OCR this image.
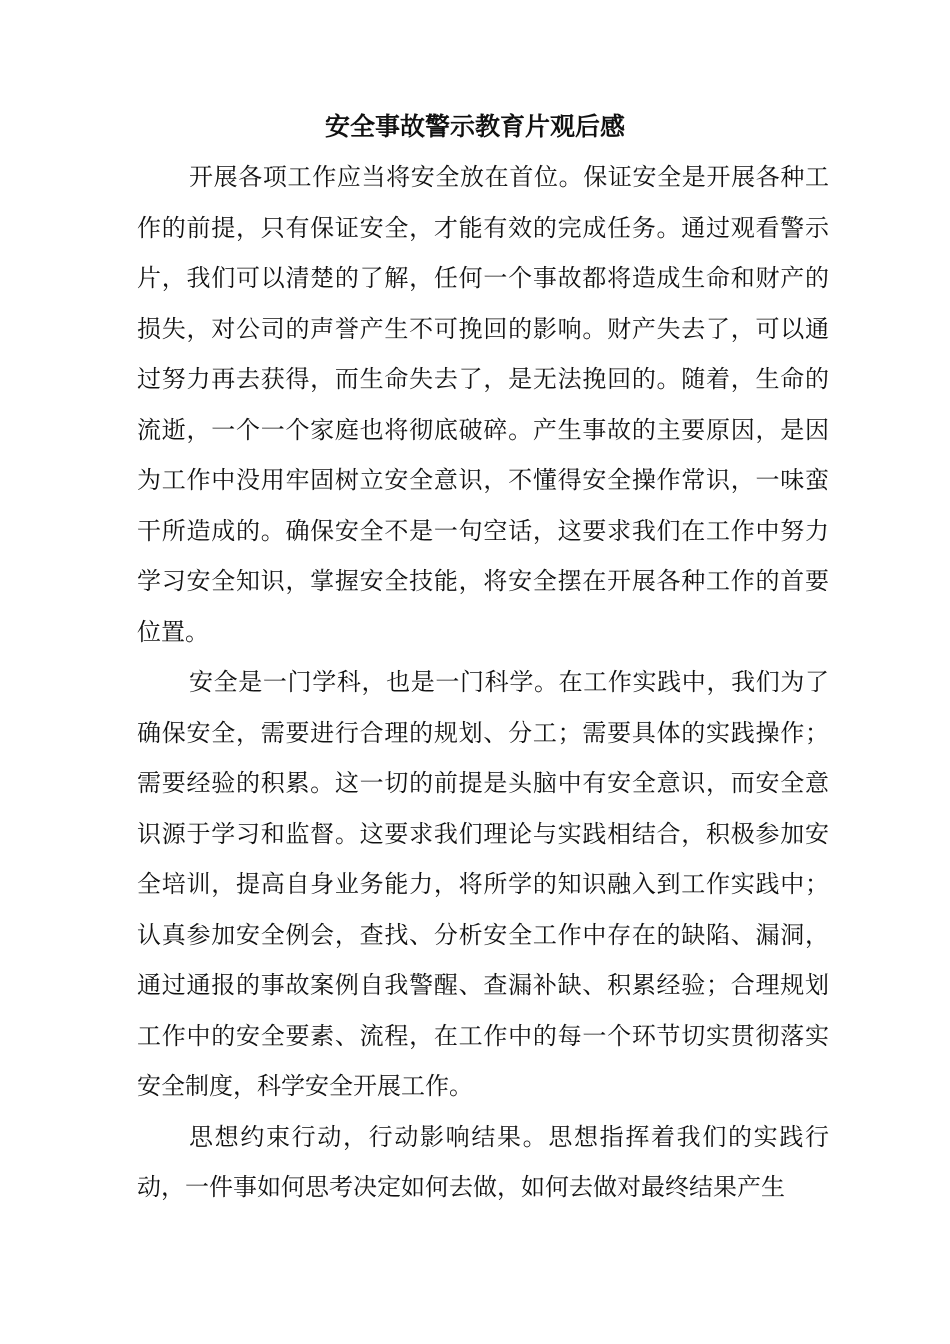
安全事故警示教育片观后感

开展各项工作应当将安全放在首位。保证安全是开展各种工作的前提，只有保证安全，才能有效的完成任务。通过观看警示片，我们可以清楚的了解，任何一个事故都将造成生命和财产的损失，对公司的声誉产生不可挽回的影响。财产失去了，可以通过努力再去获得，而生命失去了，是无法挽回的。随着，生命的流逝，一个一个家庭也将彻底破碎。产生事故的主要原因，是因为工作中没用牢固树立安全意识，不懂得安全操作常识，一味蛮干所造成的。确保安全不是一句空话，这要求我们在工作中努力学习安全知识，掌握安全技能，将安全摆在开展各种工作的首要位置。

安全是一门学科，也是一门科学。在工作实践中，我们为了确保安全，需要进行合理的规划、分工；需要具体的实践操作；需要经验的积累。这一切的前提是头脑中有安全意识，而安全意识源于学习和监督。这要求我们理论与实践相结合，积极参加安全培训，提高自身业务能力，将所学的知识融入到工作实践中；认真参加安全例会，查找、分析安全工作中存在的缺陷、漏洞，通过通报的事故案例自我警醒、查漏补缺、积累经验；合理规划工作中的安全要素、流程，在工作中的每一个环节切实贯彻落实安全制度，科学安全开展工作。

思想约束行动，行动影响结果。思想指挥着我们的实践行动，一件事如何思考决定如何去做，如何去做对最终结果产生
